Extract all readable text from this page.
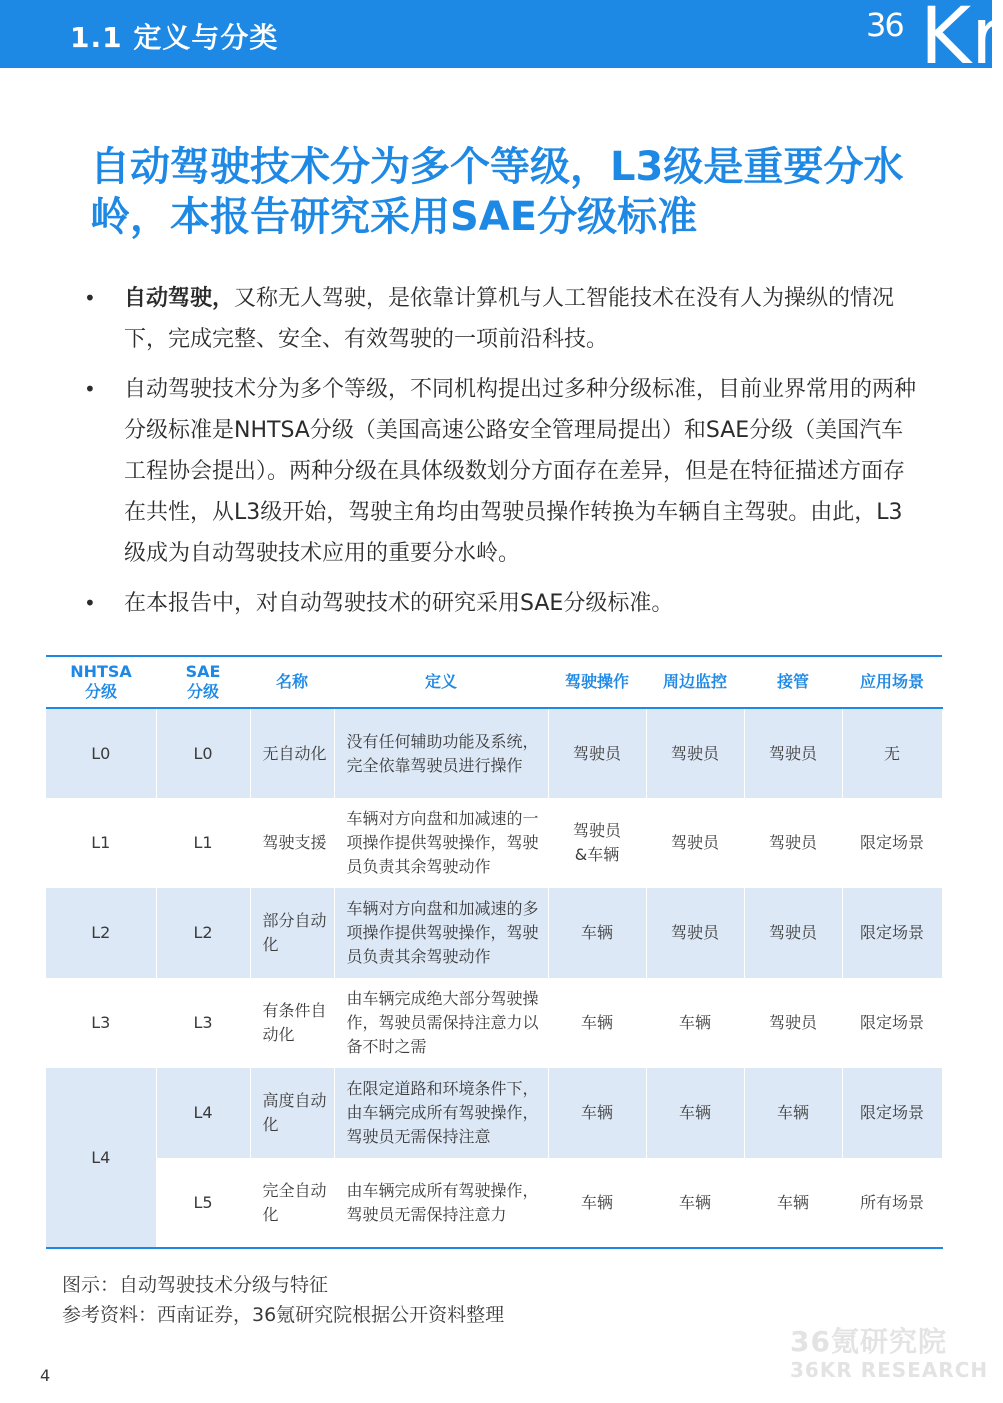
1.1 定义与分类	36 Kr
自动驾驶技术分为多个等级，L3级是重要分水岭，本报告研究采用SAE分级标准
• 自动驾驶，又称无人驾驶，是依靠计算机与人工智能技术在没有人为操纵的情况下，完成完整、安全、有效驾驶的一项前沿科技。
• 自动驾驶技术分为多个等级，不同机构提出过多种分级标准，目前业界常用的两种分级标准是NHTSA分级（美国高速公路安全管理局提出）和SAE分级（美国汽车工程协会提出）。两种分级在具体级数划分方面存在差异，但是在特征描述方面存在共性，从L3级开始，驾驶主角均由驾驶员操作转换为车辆自主驾驶。由此，L3级成为自动驾驶技术应用的重要分水岭。
• 在本报告中，对自动驾驶技术的研究采用SAE分级标准。
NHTSA分级	SAE分级	名称	定义	驾驶操作	周边监控	接管	应用场景
L0	L0	无自动化	没有任何辅助功能及系统，完全依靠驾驶员进行操作	驾驶员	驾驶员	驾驶员	无
L1	L1	驾驶支援	车辆对方向盘和加减速的一项操作提供驾驶操作，驾驶员负责其余驾驶动作	驾驶员&车辆	驾驶员	驾驶员	限定场景
L2	L2	部分自动化	车辆对方向盘和加减速的多项操作提供驾驶操作，驾驶员负责其余驾驶动作	车辆	驾驶员	驾驶员	限定场景
L3	L3	有条件自动化	由车辆完成绝大部分驾驶操作，驾驶员需保持注意力以备不时之需	车辆	车辆	驾驶员	限定场景
L4	L4	高度自动化	在限定道路和环境条件下，由车辆完成所有驾驶操作，驾驶员无需保持注意	车辆	车辆	车辆	限定场景
	L5	完全自动化	由车辆完成所有驾驶操作，驾驶员无需保持注意力	车辆	车辆	车辆	所有场景
图示：自动驾驶技术分级与特征
参考资料：西南证券，36氪研究院根据公开资料整理
36氪研究院
36KR RESEARCH
4
